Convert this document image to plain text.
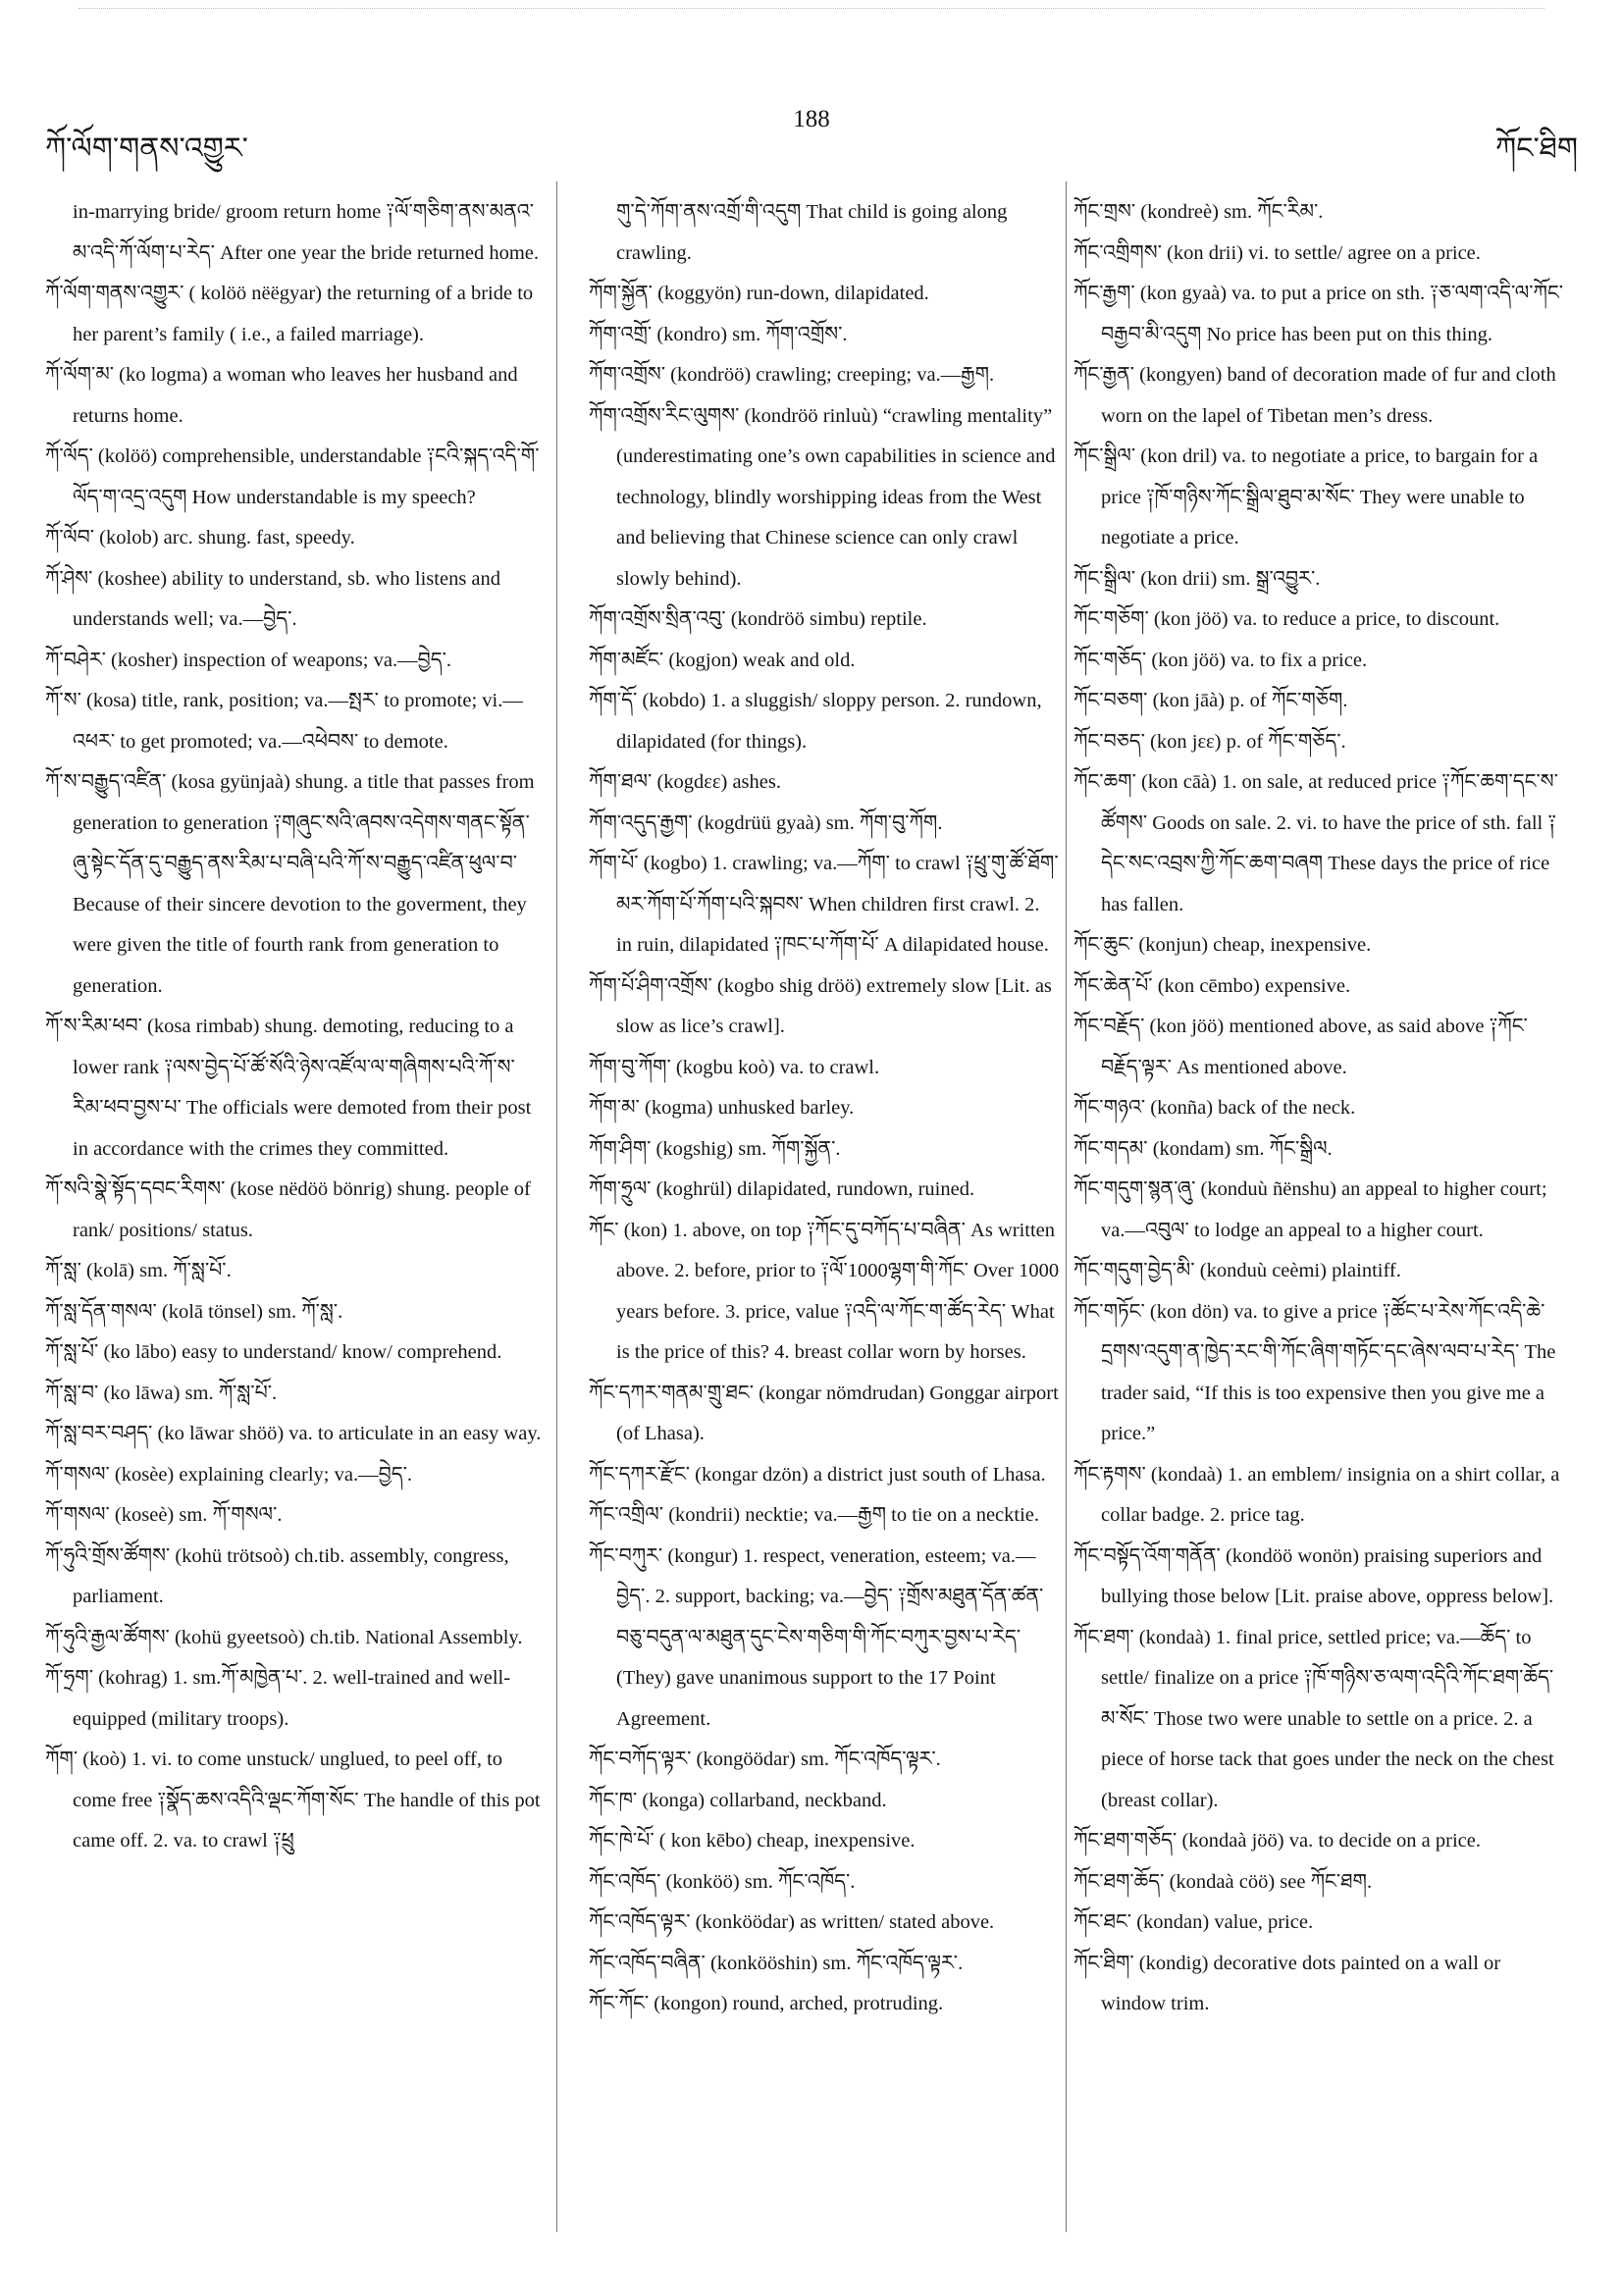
ཀོ་ལོག་གནས་འགྱུར་
188
ཀོང་ཐིག
in-marrying bride/ groom return home ༑ལོ་གཅིག་ནས་མནའ་མ་འདི་ཀོ་ལོག་པ་རེད་ After one year the bride returned home.
ཀོ་ལོག་གནས་འགྱུར་ ( kolöö nëëgyar) the returning of a bride to her parent’s family ( i.e., a failed marriage).
ཀོ་ལོག་མ་ (ko logma) a woman who leaves her husband and returns home.
ཀོ་ལོད་ (kolöö) comprehensible, understandable ༑ངའི་སྐད་འདི་གོ་ལོད་ག་འདྲ་འདུག How understandable is my speech?
ཀོ་ལོབ་ (kolob) arc. shung. fast, speedy.
ཀོ་ཤེས་ (koshee) ability to understand, sb. who listens and understands well; va.—བྱེད་.
ཀོ་བཤེར་ (kosher) inspection of weapons; va.—བྱེད་.
ཀོ་ས་ (kosa) title, rank, position; va.—སྤར་ to promote; vi.—འཕར་ to get promoted; va.—འཕེབས་ to demote.
ཀོ་ས་བརྒྱུད་འཛིན་ (kosa gyünjaà) shung. a title that passes from generation to generation ༑གཞུང་སའི་ཞབས་འདེགས་གནང་སྟོན་ཞུ་སྟེང་དོན་དུ་བརྒྱུད་ནས་རིམ་པ་བཞི་པའི་ཀོ་ས་བརྒྱུད་འཛིན་ཕུལ་བ་ Because of their sincere devotion to the goverment, they were given the title of fourth rank from generation to generation.
ཀོ་ས་རིམ་ཕབ་ (kosa rimbab) shung. demoting, reducing to a lower rank ༑ལས་བྱེད་པོ་ཚོ་སོའི་ཉེས་འཛོལ་ལ་གཞིགས་པའི་ཀོ་ས་རིམ་ཕབ་བྱས་པ་ The officials were demoted from their post in accordance with the crimes they committed.
ཀོ་སའི་སྣེ་སྟོད་དབང་རིགས་ (kose nëdöö bönrig) shung. people of rank/ positions/ status.
ཀོ་སླ་ (kolā) sm. ཀོ་སླ་པོ་.
ཀོ་སླ་དོན་གསལ་ (kolā tönsel) sm. ཀོ་སླ་.
ཀོ་སླ་པོ་ (ko lābo) easy to understand/ know/ comprehend.
ཀོ་སླ་བ་ (ko lāwa) sm. ཀོ་སླ་པོ་.
ཀོ་སླ་བར་བཤད་ (ko lāwar shöö) va. to articulate in an easy way.
ཀོ་གསལ་ (kosèe) explaining clearly; va.—བྱེད་.
ཀོ་གསལ་ (koseè) sm. ཀོ་གསལ་.
ཀོ་ཧུའི་གྲོས་ཚོགས་ (kohü trötsoò) ch.tib. assembly, congress, parliament.
ཀོ་ཧུའི་རྒྱལ་ཚོགས་ (kohü gyeetsoò) ch.tib. National Assembly.
ཀོ་ཧྲག་ (kohrag) 1. sm.ཀོ་མཁྱེན་པ་. 2. well-trained and well-equipped (military troops).
ཀོག་ (koò) 1. vi. to come unstuck/ unglued, to peel off, to come free ༑སྣོད་ཆས་འདིའི་ལྡང་ཀོག་སོང་ The handle of this pot came off. 2. va. to crawl ༑ཕྲུ
གུ་དེ་ཀོག་ནས་འགྲོ་གི་འདུག That child is going along crawling.
ཀོག་སྐྱོན་ (koggyön) run-down, dilapidated.
ཀོག་འགྲོ་ (kondro) sm. ཀོག་འགྲོས་.
ཀོག་འགྲོས་ (kondröö) crawling; creeping; va.—རྒྱག.
ཀོག་འགྲོས་རིང་ལུགས་ (kondröö rinluù) “crawling mentality” (underestimating one’s own capabilities in science and technology, blindly worshipping ideas from the West and believing that Chinese science can only crawl slowly behind).
ཀོག་འགྲོས་སྲིན་འབུ་ (kondröö simbu) reptile.
ཀོག་མཛོང་ (kogjon) weak and old.
ཀོག་དོ་ (kobdo) 1. a sluggish/ sloppy person. 2. rundown, dilapidated (for things).
ཀོག་ཐལ་ (kogdεε) ashes.
ཀོག་འདུད་རྒྱག་ (kogdrüü gyaà) sm. ཀོག་བུ་ཀོག.
ཀོག་པོ་ (kogbo) 1. crawling; va.—ཀོག་ to crawl ༑ཕྲུ་གུ་ཚོ་ཐོག་མར་ཀོག་པོ་ཀོག་པའི་སྐབས་ When children first crawl. 2. in ruin, dilapidated ༑ཁང་པ་ཀོག་པོ་ A dilapidated house.
ཀོག་པོ་ཤིག་འགྲོས་ (kogbo shig dröö) extremely slow [Lit. as slow as lice’s crawl].
ཀོག་བུ་ཀོག་ (kogbu koò) va. to crawl.
ཀོག་མ་ (kogma) unhusked barley.
ཀོག་ཤིག་ (kogshig) sm. ཀོག་སྐྱོན་.
ཀོག་ཧྲུལ་ (koghrül) dilapidated, rundown, ruined.
ཀོང་ (kon) 1. above, on top ༑ཀོང་དུ་བཀོད་པ་བཞིན་ As written above. 2. before, prior to ༑ལོ་1000ལྷག་གི་ཀོང་ Over 1000 years before. 3. price, value ༑འདི་ལ་ཀོང་ག་ཚོད་རེད་ What is the price of this? 4. breast collar worn by horses.
ཀོང་དཀར་གནམ་གྲུ་ཐང་ (kongar nömdrudan) Gonggar airport (of Lhasa).
ཀོང་དཀར་རྫོང་ (kongar dzön) a district just south of Lhasa.
ཀོང་འགྲིལ་ (kondrii) necktie; va.—རྒྱག to tie on a necktie.
ཀོང་བཀུར་ (kongur) 1. respect, veneration, esteem; va.—བྱེད་. 2. support, backing; va.—བྱེད་ ༑གྲོས་མཐུན་དོན་ཚན་བཅུ་བདུན་ལ་མཐུན་དུང་ངེས་གཅིག་གི་ཀོང་བཀུར་བྱས་པ་རེད་ (They) gave unanimous support to the 17 Point Agreement.
ཀོང་བཀོད་ལྟར་ (kongöödar) sm. ཀོང་འཁོད་ལྟར་.
ཀོང་ཁ་ (konga) collarband, neckband.
ཀོང་ཁེ་པོ་ ( kon kēbo) cheap, inexpensive.
ཀོང་འཁོད་ (konköö) sm. ཀོང་འཁོད་.
ཀོང་འཁོད་ལྟར་ (konköödar) as written/ stated above.
ཀོང་འཁོད་བཞིན་ (konkööshin) sm. ཀོང་འཁོད་ལྟར་.
ཀོང་ཀོང་ (kongon) round, arched, protruding.
ཀོང་གྲས་ (kondreè) sm. ཀོང་རིམ་.
ཀོང་འགྲིགས་ (kon drii) vi. to settle/ agree on a price.
ཀོང་རྒྱག་ (kon gyaà) va. to put a price on sth. ༑ཅ་ལག་འདི་ལ་ཀོང་བརྒྱབ་མི་འདུག No price has been put on this thing.
ཀོང་རྒྱན་ (kongyen) band of decoration made of fur and cloth worn on the lapel of Tibetan men’s dress.
ཀོང་སྒྲིལ་ (kon dril) va. to negotiate a price, to bargain for a price ༑ཁོ་གཉིས་ཀོང་སྒྲིལ་ཐུབ་མ་སོང་ They were unable to negotiate a price.
ཀོང་སྒྲིལ་ (kon drii) sm. སྒྲ་འབྱུར་.
ཀོང་གཅོག་ (kon jöö) va. to reduce a price, to discount.
ཀོང་གཅོད་ (kon jöö) va. to fix a price.
ཀོང་བཅག་ (kon jāà) p. of ཀོང་གཅོག.
ཀོང་བཅད་ (kon jεε) p. of ཀོང་གཅོད་.
ཀོང་ཆག་ (kon cāà) 1. on sale, at reduced price ༑ཀོང་ཆག་དང་ས་ཚོགས་ Goods on sale. 2. vi. to have the price of sth. fall ༑དེང་སང་འབྲས་ཀྱི་ཀོང་ཆག་བཞག These days the price of rice has fallen.
ཀོང་ཆུང་ (konjun) cheap, inexpensive.
ཀོང་ཆེན་པོ་ (kon cēmbo) expensive.
ཀོང་བརྗོད་ (kon jöö) mentioned above, as said above ༑ཀོང་བརྗོད་ལྟར་ As mentioned above.
ཀོང་གཉའ་ (konña) back of the neck.
ཀོང་གདམ་ (kondam) sm. ཀོང་སྒྲིལ.
ཀོང་གདུག་སྙན་ཞུ་ (konduù ñënshu) an appeal to higher court; va.—འབུལ་ to lodge an appeal to a higher court.
ཀོང་གདུག་བྱེད་མི་ (konduù ceèmi) plaintiff.
ཀོང་གཏོང་ (kon dön) va. to give a price ༑ཚོང་པ་རེས་ཀོང་འདི་ཆེ་དྲགས་འདུག་ན་ཁྱེད་རང་གི་ཀོང་ཞིག་གཏོང་དང་ཞེས་ལབ་པ་རེད་ The trader said, “If this is too expensive then you give me a price.”
ཀོང་རྟགས་ (kondaà) 1. an emblem/ insignia on a shirt collar, a collar badge. 2. price tag.
ཀོང་བསྟོད་འོག་གནོན་ (kondöö wonön) praising superiors and bullying those below [Lit. praise above, oppress below].
ཀོང་ཐག་ (kondaà) 1. final price, settled price; va.—ཆོད་ to settle/ finalize on a price ༑ཁོ་གཉིས་ཅ་ལག་འདིའི་ཀོང་ཐག་ཆོད་མ་སོང་ Those two were unable to settle on a price. 2. a piece of horse tack that goes under the neck on the chest (breast collar).
ཀོང་ཐག་གཅོད་ (kondaà jöö) va. to decide on a price.
ཀོང་ཐག་ཆོད་ (kondaà cöö) see ཀོང་ཐག.
ཀོང་ཐང་ (kondan) value, price.
ཀོང་ཐིག་ (kondig) decorative dots painted on a wall or window trim.
